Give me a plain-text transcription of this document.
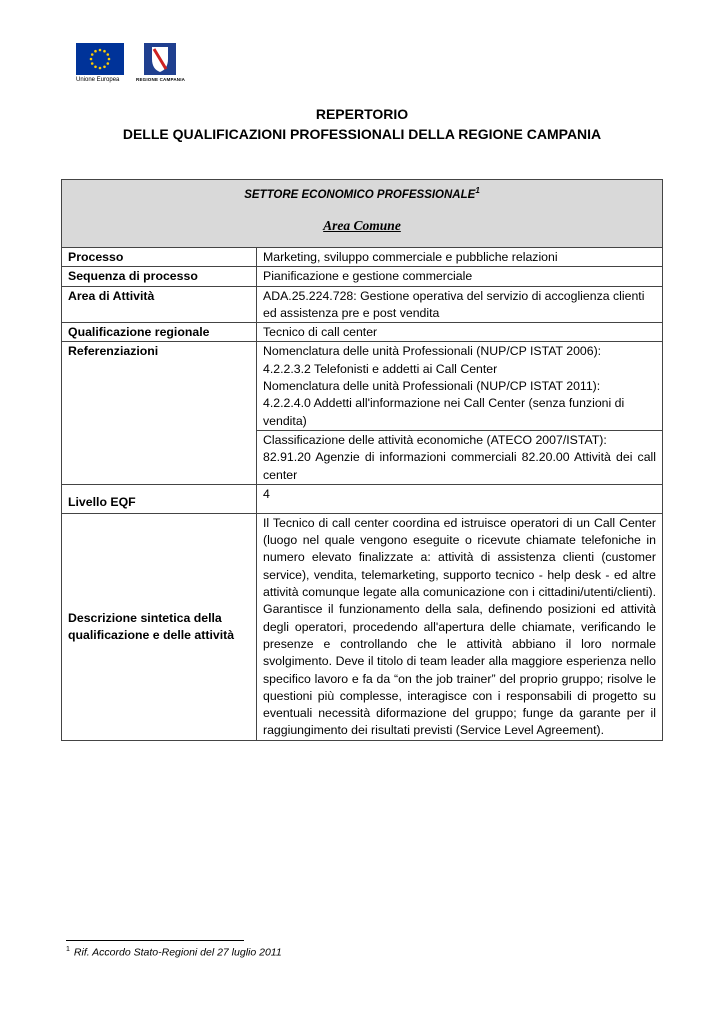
Unione Europea	REGIONE CAMPANIA
REPERTORIO
DELLE QUALIFICAZIONI PROFESSIONALI DELLA REGIONE CAMPANIA
SETTORE ECONOMICO PROFESSIONALE$^1$
Area Comune	

Processo	Marketing, sviluppo commerciale e pubbliche relazioni
Sequenza di processo	Pianificazione e gestione commerciale
Area di Attività	ADA.25.224.728: Gestione operativa del servizio di accoglienza clienti ed assistenza pre e post vendita
Qualificazione regionale	Tecnico di call center
Referenziazioni	Nomenclatura delle unità Professionali (NUP/CP ISTAT 2006):
4.2.2.3.2 Telefonisti e addetti ai Call Center
Nomenclatura delle unità Professionali (NUP/CP ISTAT 2011):
4.2.2.4.0 Addetti all'informazione nei Call Center (senza funzioni di vendita)

	Classificazione delle attività economiche (ATECO 2007/ISTAT):
82.91.20 Agenzie di informazioni commerciali 82.20.00 Attività dei call center

Livello EQF	4
Descrizione sintetica della qualificazione e delle attività	Il Tecnico di call center coordina ed istruisce operatori di un Call Center (luogo nel quale vengono eseguite o ricevute chiamate telefoniche in numero elevato finalizzate a: attività di assistenza clienti (customer service), vendita, telemarketing, supporto tecnico - help desk - ed altre attività comunque legate alla comunicazione con i cittadini/utenti/clienti). Garantisce il funzionamento della sala, definendo posizioni ed attività degli operatori, procedendo all'apertura delle chiamate, verificando le presenze e controllando che le attività abbiano il loro normale svolgimento. Deve il titolo di team leader alla maggiore esperienza nello specifico lavoro e fa da “on the job trainer” del proprio gruppo; risolve le questioni più complesse, interagisce con i responsabili di progetto su eventuali necessità diformazione del gruppo; funge da garante per il raggiungimento dei risultati previsti (Service Level Agreement).
$^1$ Rif. Accordo Stato-Regioni del 27 luglio 2011
